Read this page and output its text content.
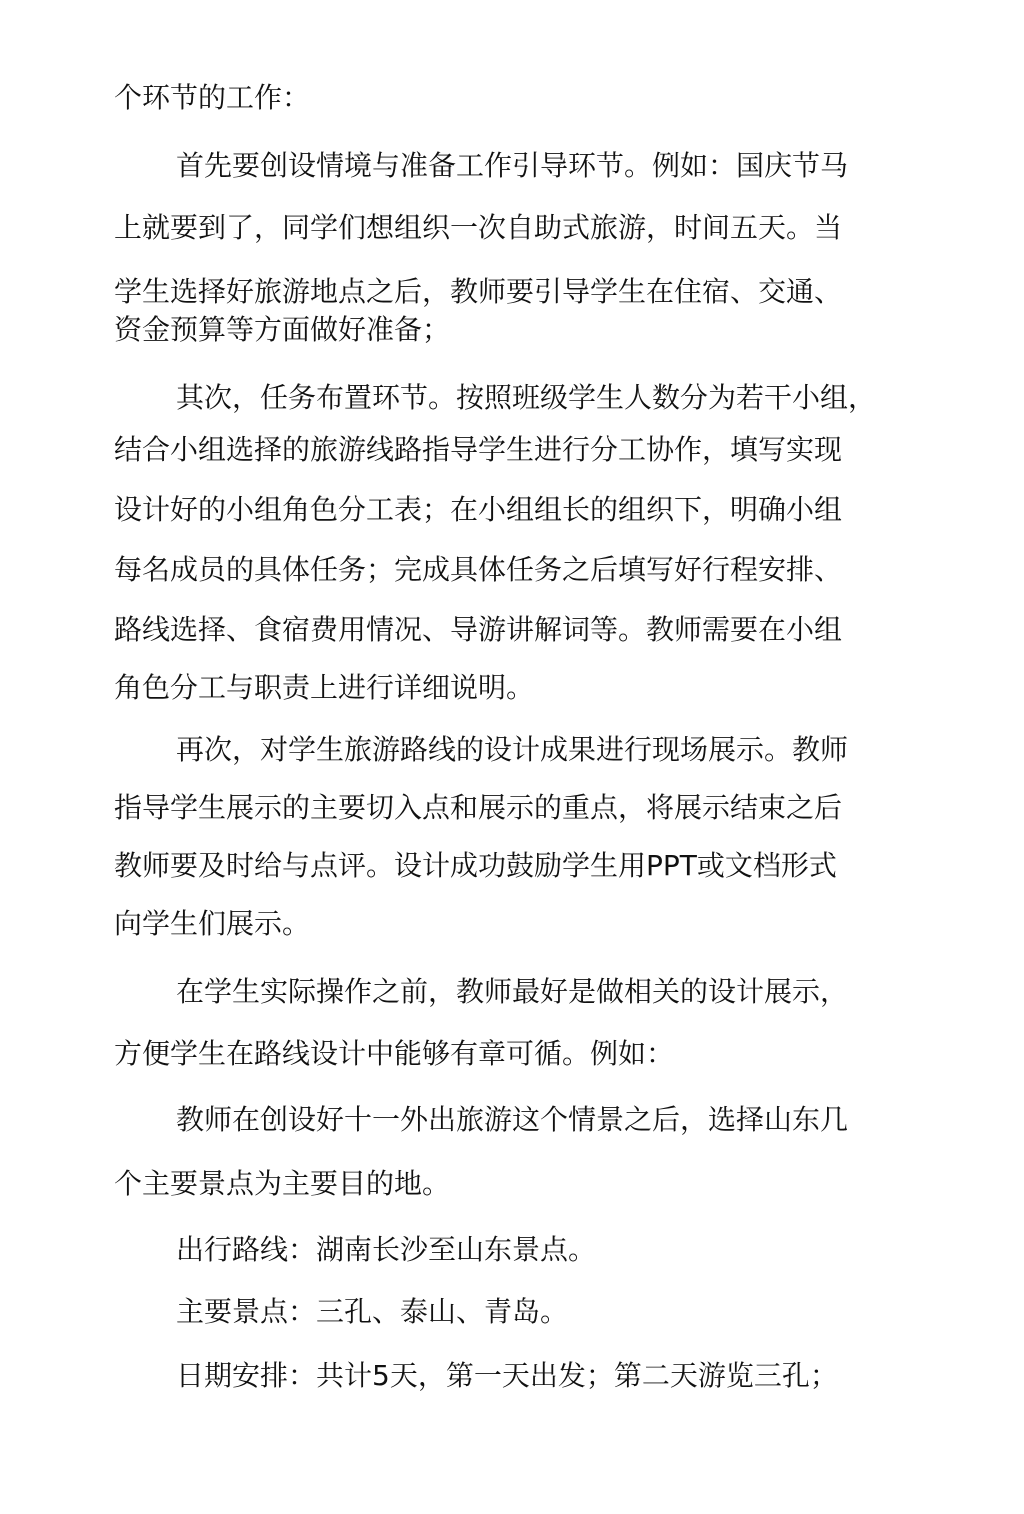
个环节的工作：
首先要创设情境与准备工作引导环节。例如：国庆节马
上就要到了，同学们想组织一次自助式旅游，时间五天。当
学生选择好旅游地点之后，教师要引导学生在住宿、交通、
资金预算等方面做好准备；
其次，任务布置环节。按照班级学生人数分为若干小组，
结合小组选择的旅游线路指导学生进行分工协作，填写实现
设计好的小组角色分工表；在小组组长的组织下，明确小组
每名成员的具体任务；完成具体任务之后填写好行程安排、
路线选择、食宿费用情况、导游讲解词等。教师需要在小组
角色分工与职责上进行详细说明。
再次，对学生旅游路线的设计成果进行现场展示。教师
指导学生展示的主要切入点和展示的重点，将展示结束之后
教师要及时给与点评。设计成功鼓励学生用PPT或文档形式
向学生们展示。
在学生实际操作之前，教师最好是做相关的设计展示，
方便学生在路线设计中能够有章可循。例如：
教师在创设好十一外出旅游这个情景之后，选择山东几
个主要景点为主要目的地。
出行路线：湖南长沙至山东景点。
主要景点：三孔、泰山、青岛。
日期安排：共计5天，第一天出发；第二天游览三孔；
